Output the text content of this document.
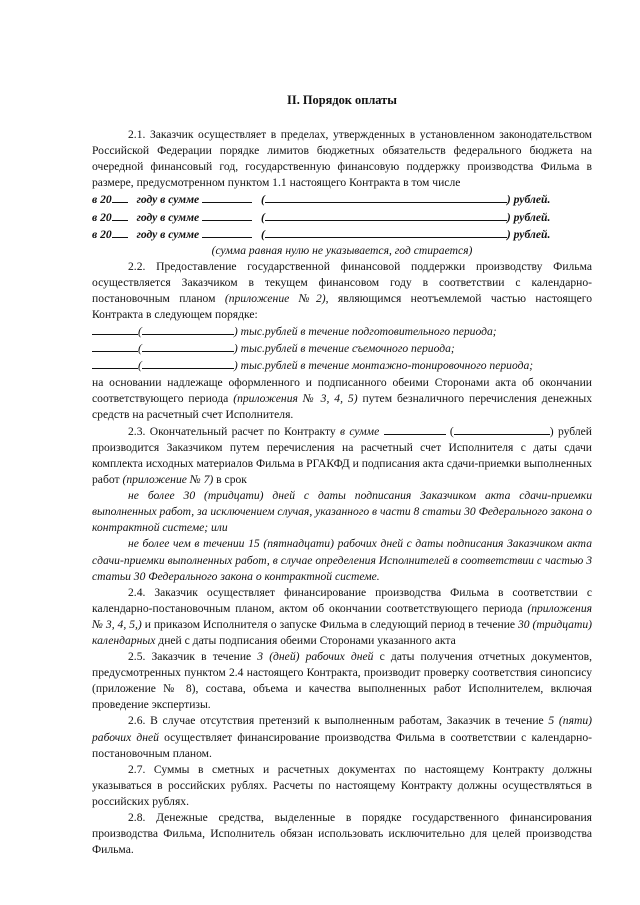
II. Порядок оплаты

2.1. Заказчик осуществляет в пределах, утвержденных в установленном законодательством Российской Федерации порядке лимитов бюджетных обязательств федерального бюджета на очередной финансовый год, государственную финансовую поддержку производства Фильма в размере, предусмотренном пунктом 1.1 настоящего Контракта в том числе

в 20 году в сумме	(	) рублей.
в 20 году в сумме	(	) рублей.
в 20 году в сумме	(	) рублей.

(сумма равная нулю не указывается, год стирается)

2.2. Предоставление государственной финансовой поддержки производству Фильма осуществляется Заказчиком в текущем финансовом году в соответствии с календарно-постановочным планом (приложение №2), являющимся неотъемлемой частью настоящего Контракта в следующем порядке:

(	) тыс.рублей в течение подготовительного периода;
(	) тыс.рублей в течение съемочного периода;
(	) тыс.рублей в течение монтажно-тонировочного периода;

на основании надлежаще оформленного и подписанного обеими Сторонами акта об окончании соответствующего периода (приложения № 3, 4, 5) путем безналичного перечисления денежных средств на расчетный счет Исполнителя.

2.3. Окончательный расчет по Контракту в сумме	(	) рублей производится Заказчиком путем перечисления на расчетный счет Исполнителя с даты сдачи комплекта исходных материалов Фильма в РГАКФД и подписания акта сдачи-приемки выполненных работ (приложение № 7) в срок

не более 30 (тридцати) дней с даты подписания Заказчиком акта сдачи-приемки выполненных работ, за исключением случая, указанного в части 8 статьи 30 Федерального закона о контрактной системе; или

не более чем в течении 15 (пятнадцати) рабочих дней с даты подписания Заказчиком акта сдачи-приемки выполненных работ, в случае определения Исполнителей в соответствии с частью 3 статьи 30 Федерального закона о контрактной системе.

2.4. Заказчик осуществляет финансирование производства Фильма в соответствии с календарно-постановочным планом, актом об окончании соответствующего периода (приложения № 3, 4, 5,) и приказом Исполнителя о запуске Фильма в следующий период в течение 30 (тридцати) календарных дней с даты подписания обеими Сторонами указанного акта

2.5. Заказчик в течение 3 (дней) рабочих дней с даты получения отчетных документов, предусмотренных пунктом 2.4 настоящего Контракта, производит проверку соответствия синопсису (приложение № 8), состава, объема и качества выполненных работ Исполнителем, включая проведение экспертизы.

2.6. В случае отсутствия претензий к выполненным работам, Заказчик в течение 5 (пяти) рабочих дней осуществляет финансирование производства Фильма в соответствии с календарно-постановочным планом.

2.7. Суммы в сметных и расчетных документах по настоящему Контракту должны указываться в российских рублях. Расчеты по настоящему Контракту должны осуществляться в российских рублях.

2.8. Денежные средства, выделенные в порядке государственного финансирования производства Фильма, Исполнитель обязан использовать исключительно для целей производства Фильма.
